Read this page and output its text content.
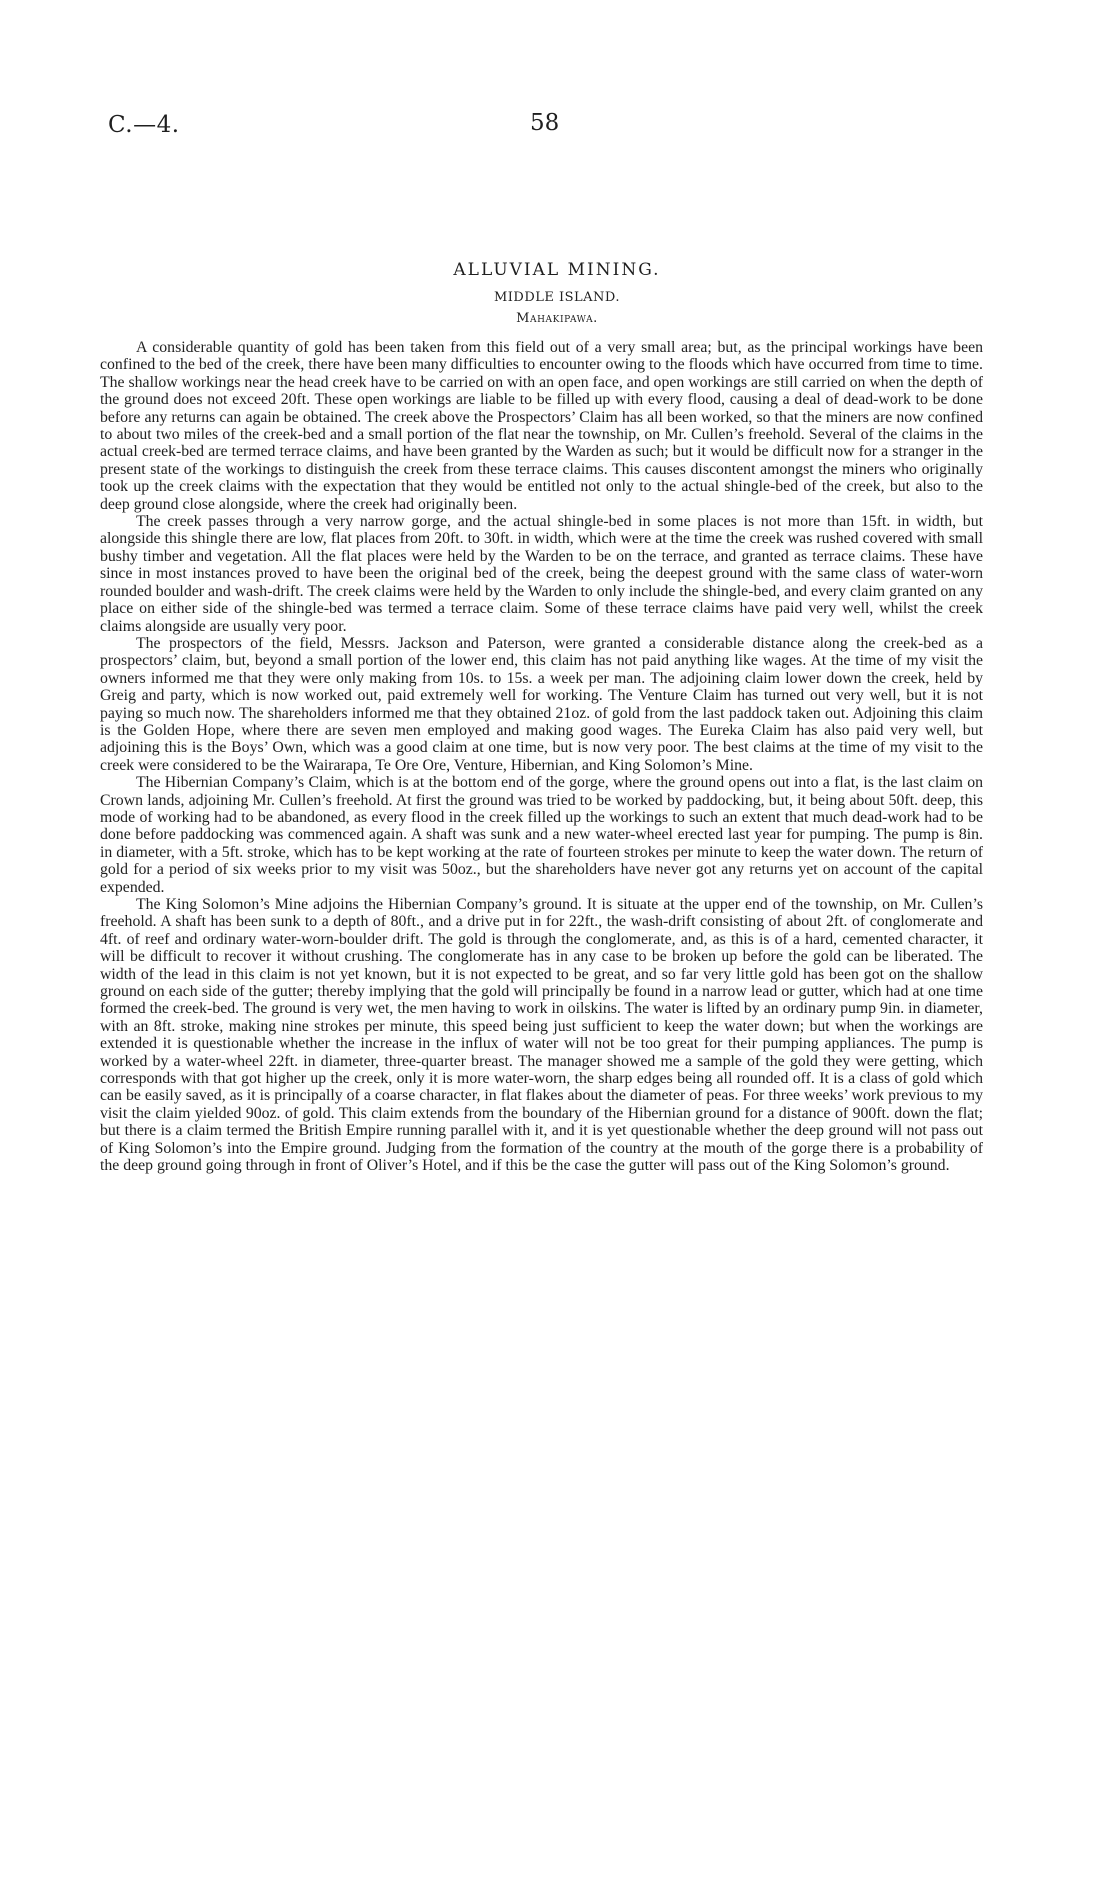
C.—4.	58
ALLUVIAL MINING.
MIDDLE ISLAND.
Mahakipawa.

A considerable quantity of gold has been taken from this field out of a very small area; but, as the principal workings have been confined to the bed of the creek, there have been many difficulties to encounter owing to the floods which have occurred from time to time. The shallow workings near the head creek have to be carried on with an open face, and open workings are still carried on when the depth of the ground does not exceed 20ft. These open workings are liable to be filled up with every flood, causing a deal of dead-work to be done before any returns can again be obtained. The creek above the Prospectors’ Claim has all been worked, so that the miners are now confined to about two miles of the creek-bed and a small portion of the flat near the township, on Mr. Cullen’s freehold. Several of the claims in the actual creek-bed are termed terrace claims, and have been granted by the Warden as such; but it would be difficult now for a stranger in the present state of the workings to distinguish the creek from these terrace claims. This causes discontent amongst the miners who originally took up the creek claims with the expectation that they would be entitled not only to the actual shingle-bed of the creek, but also to the deep ground close alongside, where the creek had originally been.

The creek passes through a very narrow gorge, and the actual shingle-bed in some places is not more than 15ft. in width, but alongside this shingle there are low, flat places from 20ft. to 30ft. in width, which were at the time the creek was rushed covered with small bushy timber and vegetation. All the flat places were held by the Warden to be on the terrace, and granted as terrace claims. These have since in most instances proved to have been the original bed of the creek, being the deepest ground with the same class of water-worn rounded boulder and wash-drift. The creek claims were held by the Warden to only include the shingle-bed, and every claim granted on any place on either side of the shingle-bed was termed a terrace claim. Some of these terrace claims have paid very well, whilst the creek claims alongside are usually very poor.

The prospectors of the field, Messrs. Jackson and Paterson, were granted a considerable distance along the creek-bed as a prospectors’ claim, but, beyond a small portion of the lower end, this claim has not paid anything like wages. At the time of my visit the owners informed me that they were only making from 10s. to 15s. a week per man. The adjoining claim lower down the creek, held by Greig and party, which is now worked out, paid extremely well for working. The Venture Claim has turned out very well, but it is not paying so much now. The shareholders informed me that they obtained 21oz. of gold from the last paddock taken out. Adjoining this claim is the Golden Hope, where there are seven men employed and making good wages. The Eureka Claim has also paid very well, but adjoining this is the Boys’ Own, which was a good claim at one time, but is now very poor. The best claims at the time of my visit to the creek were considered to be the Wairarapa, Te Ore Ore, Venture, Hibernian, and King Solomon’s Mine.

The Hibernian Company’s Claim, which is at the bottom end of the gorge, where the ground opens out into a flat, is the last claim on Crown lands, adjoining Mr. Cullen’s freehold. At first the ground was tried to be worked by paddocking, but, it being about 50ft. deep, this mode of working had to be abandoned, as every flood in the creek filled up the workings to such an extent that much dead-work had to be done before paddocking was commenced again. A shaft was sunk and a new water-wheel erected last year for pumping. The pump is 8in. in diameter, with a 5ft. stroke, which has to be kept working at the rate of fourteen strokes per minute to keep the water down. The return of gold for a period of six weeks prior to my visit was 50oz., but the shareholders have never got any returns yet on account of the capital expended.

The King Solomon’s Mine adjoins the Hibernian Company’s ground. It is situate at the upper end of the township, on Mr. Cullen’s freehold. A shaft has been sunk to a depth of 80ft., and a drive put in for 22ft., the wash-drift consisting of about 2ft. of conglomerate and 4ft. of reef and ordinary water-worn-boulder drift. The gold is through the conglomerate, and, as this is of a hard, cemented character, it will be difficult to recover it without crushing. The conglomerate has in any case to be broken up before the gold can be liberated. The width of the lead in this claim is not yet known, but it is not expected to be great, and so far very little gold has been got on the shallow ground on each side of the gutter; thereby implying that the gold will principally be found in a narrow lead or gutter, which had at one time formed the creek-bed. The ground is very wet, the men having to work in oilskins. The water is lifted by an ordinary pump 9in. in diameter, with an 8ft. stroke, making nine strokes per minute, this speed being just sufficient to keep the water down; but when the workings are extended it is questionable whether the increase in the influx of water will not be too great for their pumping appliances. The pump is worked by a water-wheel 22ft. in diameter, three-quarter breast. The manager showed me a sample of the gold they were getting, which corresponds with that got higher up the creek, only it is more water-worn, the sharp edges being all rounded off. It is a class of gold which can be easily saved, as it is principally of a coarse character, in flat flakes about the diameter of peas. For three weeks’ work previous to my visit the claim yielded 90oz. of gold. This claim extends from the boundary of the Hibernian ground for a distance of 900ft. down the flat; but there is a claim termed the British Empire running parallel with it, and it is yet questionable whether the deep ground will not pass out of King Solomon’s into the Empire ground. Judging from the formation of the country at the mouth of the gorge there is a probability of the deep ground going through in front of Oliver’s Hotel, and if this be the case the gutter will pass out of the King Solomon’s ground.
